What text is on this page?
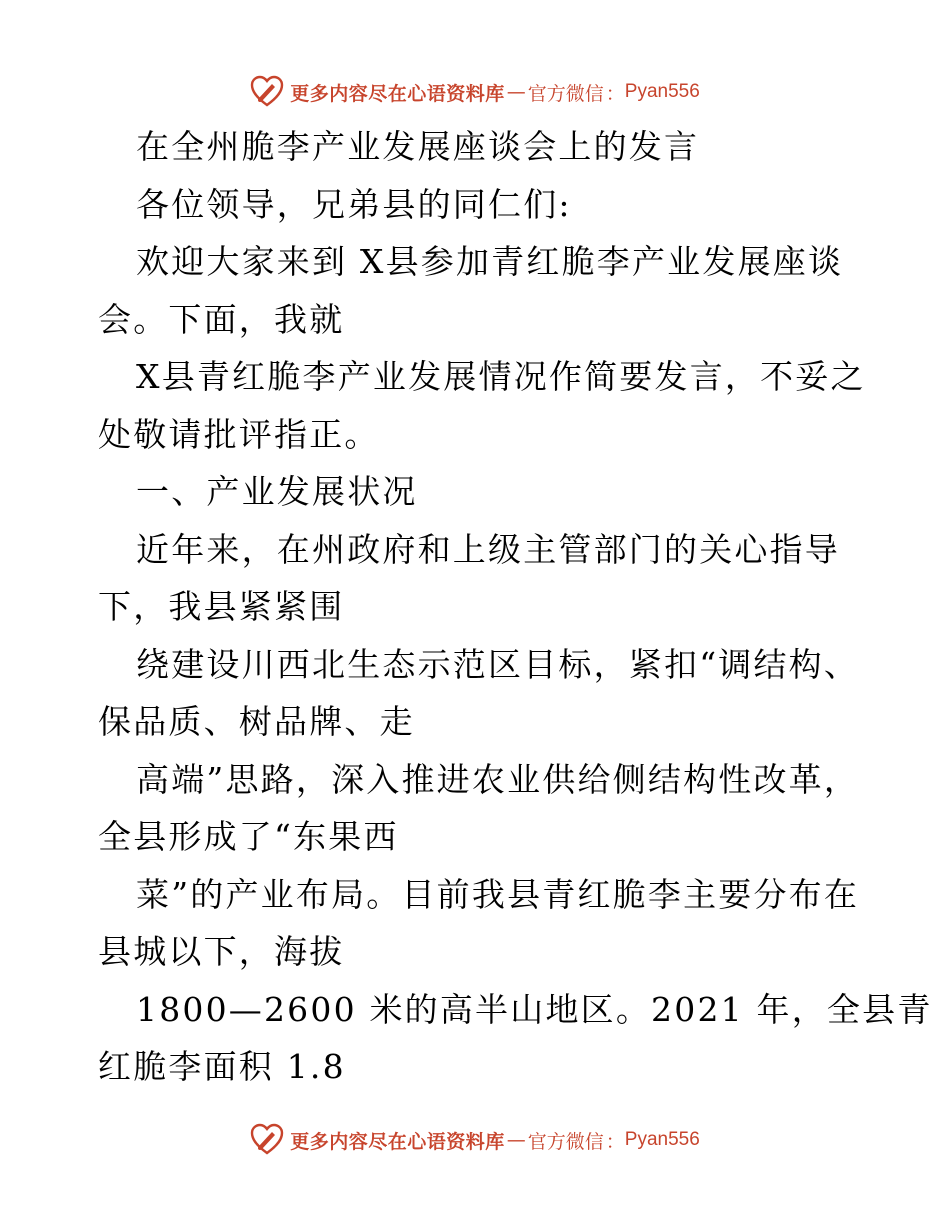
更多内容尽在心语资料库 — 官方微信 ： Pyan556
在全州脆李产业发展座谈会上的发言
各位领导，兄弟县的同仁们:
欢迎大家来到 X县参加青红脆李产业发展座谈
会。下面，我就
X县青红脆李产业发展情况作简要发言，不妥之
处敬请批评指正。
一、产业发展状况
近年来，在州政府和上级主管部门的关心指导
下，我县紧紧围
绕建设川西北生态示范区目标，紧扣“调结构、
保品质、树品牌、走
高端”思路，深入推进农业供给侧结构性改革，
全县形成了“东果西
菜”的产业布局。目前我县青红脆李主要分布在
县城以下，海拔
1800—2600 米的高半山地区。2021 年，全县青
红脆李面积 1.8
更多内容尽在心语资料库 — 官方微信 ： Pyan556
